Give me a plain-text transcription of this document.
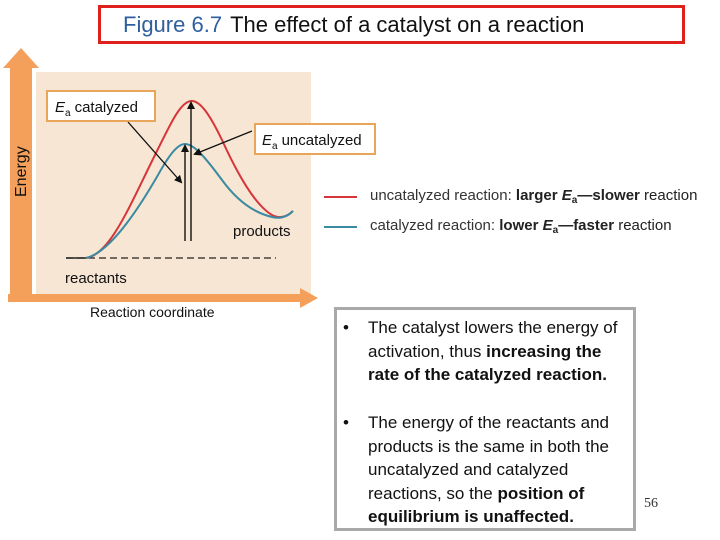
Figure 6.7 The effect of a catalyst on a reaction
Energy
Reaction coordinate
$E_a$ catalyzed
$E_a$ uncatalyzed
products
reactants
uncatalyzed reaction: larger $E_a—slower$ reaction
catalyzed reaction: lower $E_a—faster$ reaction
• The catalyst lowers the energy of activation, thus increasing the rate of the catalyzed reaction.
• The energy of the reactants and products is the same in both the uncatalyzed and catalyzed reactions, so the position of equilibrium is unaffected.
56
